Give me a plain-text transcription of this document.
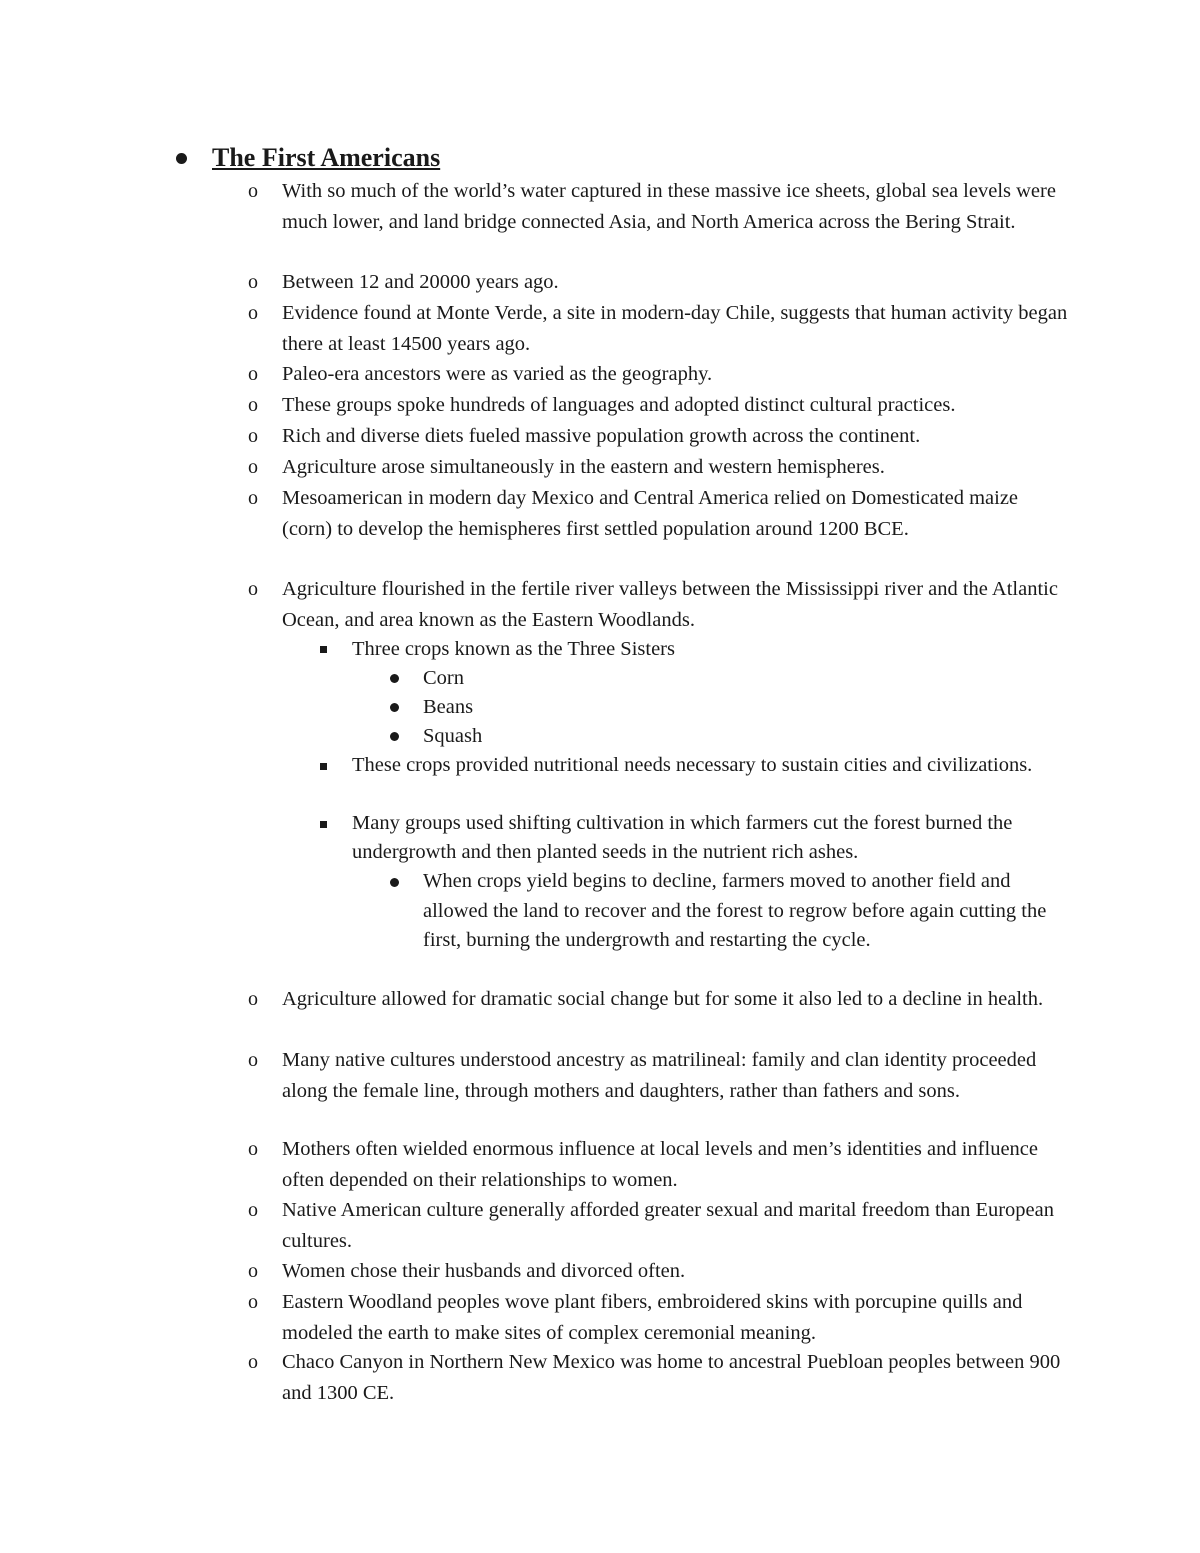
The First Americans
o With so much of the world’s water captured in these massive ice sheets, global sea levels were much lower, and land bridge connected Asia, and North America across the Bering Strait.
o Between 12 and 20000 years ago.
o Evidence found at Monte Verde, a site in modern-day Chile, suggests that human activity began there at least 14500 years ago.
o Paleo-era ancestors were as varied as the geography.
o These groups spoke hundreds of languages and adopted distinct cultural practices.
o Rich and diverse diets fueled massive population growth across the continent.
o Agriculture arose simultaneously in the eastern and western hemispheres.
o Mesoamerican in modern day Mexico and Central America relied on Domesticated maize (corn) to develop the hemispheres first settled population around 1200 BCE.
o Agriculture flourished in the fertile river valleys between the Mississippi river and the Atlantic Ocean, and area known as the Eastern Woodlands.
Three crops known as the Three Sisters
Corn
Beans
Squash
These crops provided nutritional needs necessary to sustain cities and civilizations.
Many groups used shifting cultivation in which farmers cut the forest burned the undergrowth and then planted seeds in the nutrient rich ashes.
When crops yield begins to decline, farmers moved to another field and allowed the land to recover and the forest to regrow before again cutting the first, burning the undergrowth and restarting the cycle.
o Agriculture allowed for dramatic social change but for some it also led to a decline in health.
o Many native cultures understood ancestry as matrilineal: family and clan identity proceeded along the female line, through mothers and daughters, rather than fathers and sons.
o Mothers often wielded enormous influence at local levels and men’s identities and influence often depended on their relationships to women.
o Native American culture generally afforded greater sexual and marital freedom than European cultures.
o Women chose their husbands and divorced often.
o Eastern Woodland peoples wove plant fibers, embroidered skins with porcupine quills and modeled the earth to make sites of complex ceremonial meaning.
o Chaco Canyon in Northern New Mexico was home to ancestral Puebloan peoples between 900 and 1300 CE.
